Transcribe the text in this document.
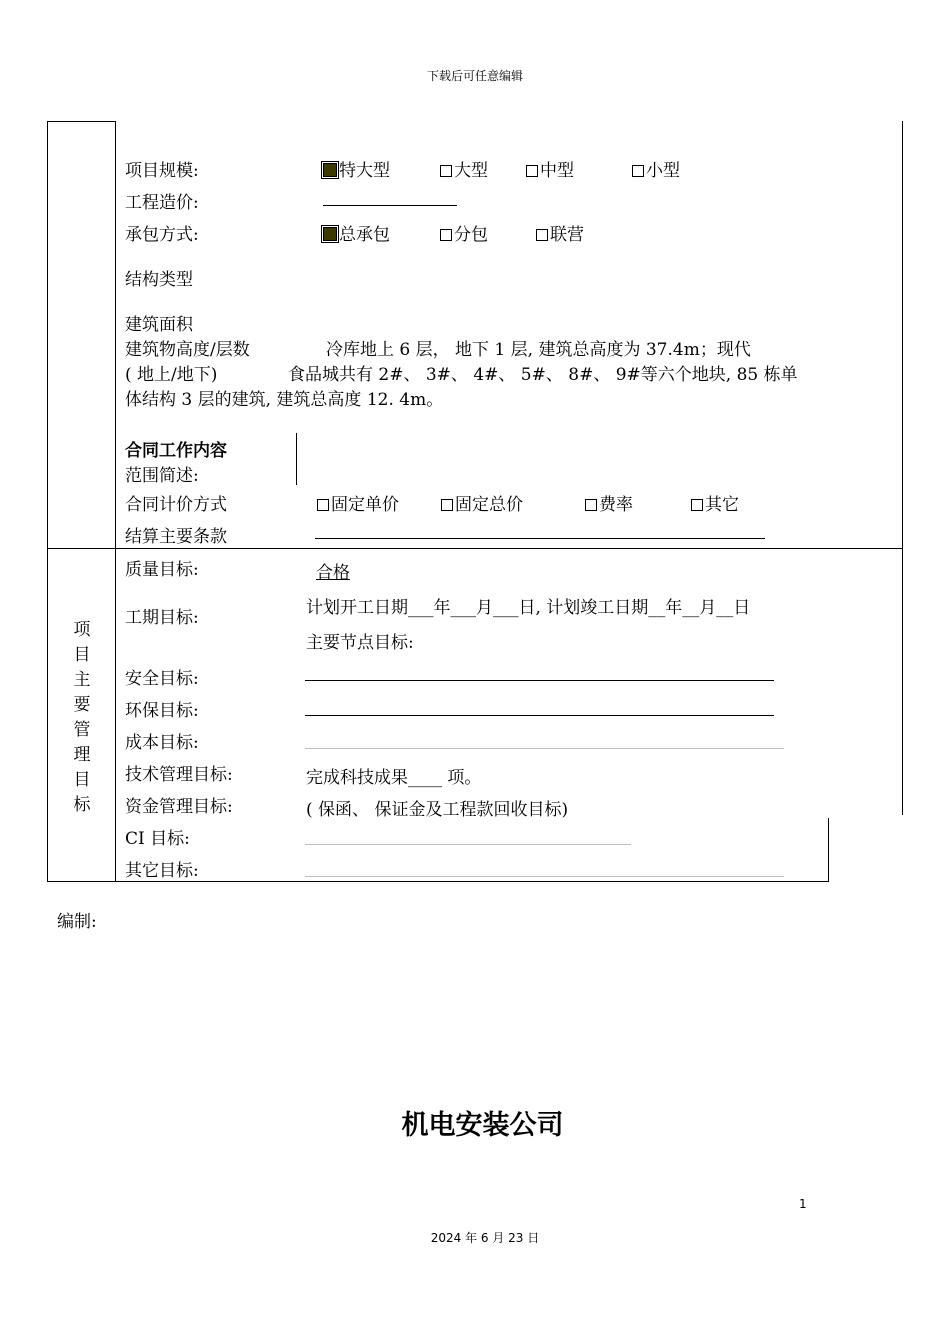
下载后可任意编辑
项目规模:	特大型	大型	中型	小型
工程造价:
承包方式:	总承包	分包	联营
结构类型
建筑面积
建筑物高度/层数	冷库地上 6 层， 地下 1 层, 建筑总高度为 37.4m；现代
( 地上/地下)	食品城共有 2#、 3#、 4#、 5#、 8#、 9#等六个地块, 85 栋单
体结构 3 层的建筑, 建筑总高度 12. 4m。
合同工作内容
范围简述:
合同计价方式	固定单价	固定总价	费率	其它
结算主要条款
项
目
主
要
管
理
目
标
质量目标:	合格
工期目标:	计划开工日期___年___月___日, 计划竣工日期__年__月__日
主要节点目标:
安全目标:
环保目标:
成本目标:
技术管理目标:	完成科技成果____ 项。
资金管理目标:	( 保函、 保证金及工程款回收目标)
CI 目标:
其它目标:
编制:
机电安装公司
1
2024 年 6 月 23 日
